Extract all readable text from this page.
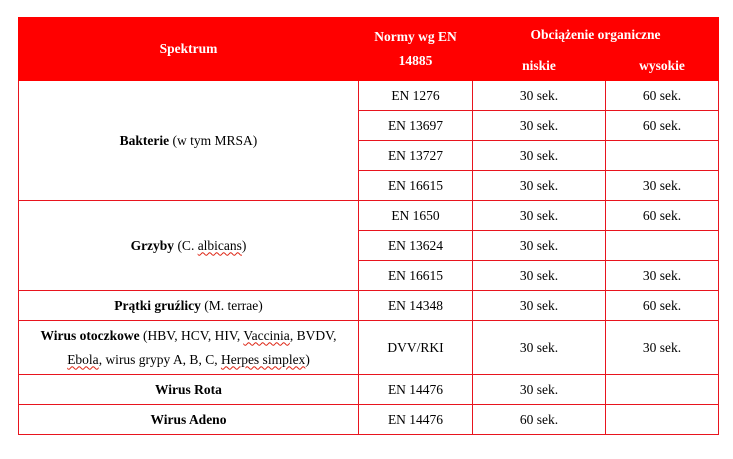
Spektrum	Normy wg EN 14885	Obciążenie organiczne	
		niskie	wysokie
Bakterie (w tym MRSA)	EN 1276	30 sek.	60 sek.
	EN 13697	30 sek.	60 sek.
	EN 13727	30 sek.	
	EN 16615	30 sek.	30 sek.
Grzyby (C. albicans)	EN 1650	30 sek.	60 sek.
	EN 13624	30 sek.	
	EN 16615	30 sek.	30 sek.
Prątki gruźlicy (M. terrae)	EN 14348	30 sek.	60 sek.
Wirus otoczkowe (HBV, HCV, HIV, Vaccinia, BVDV, Ebola, wirus grypy A, B, C, Herpes simplex)	DVV/RKI	30 sek.	30 sek.
Wirus Rota	EN 14476	30 sek.	
Wirus Adeno	EN 14476	60 sek.	
